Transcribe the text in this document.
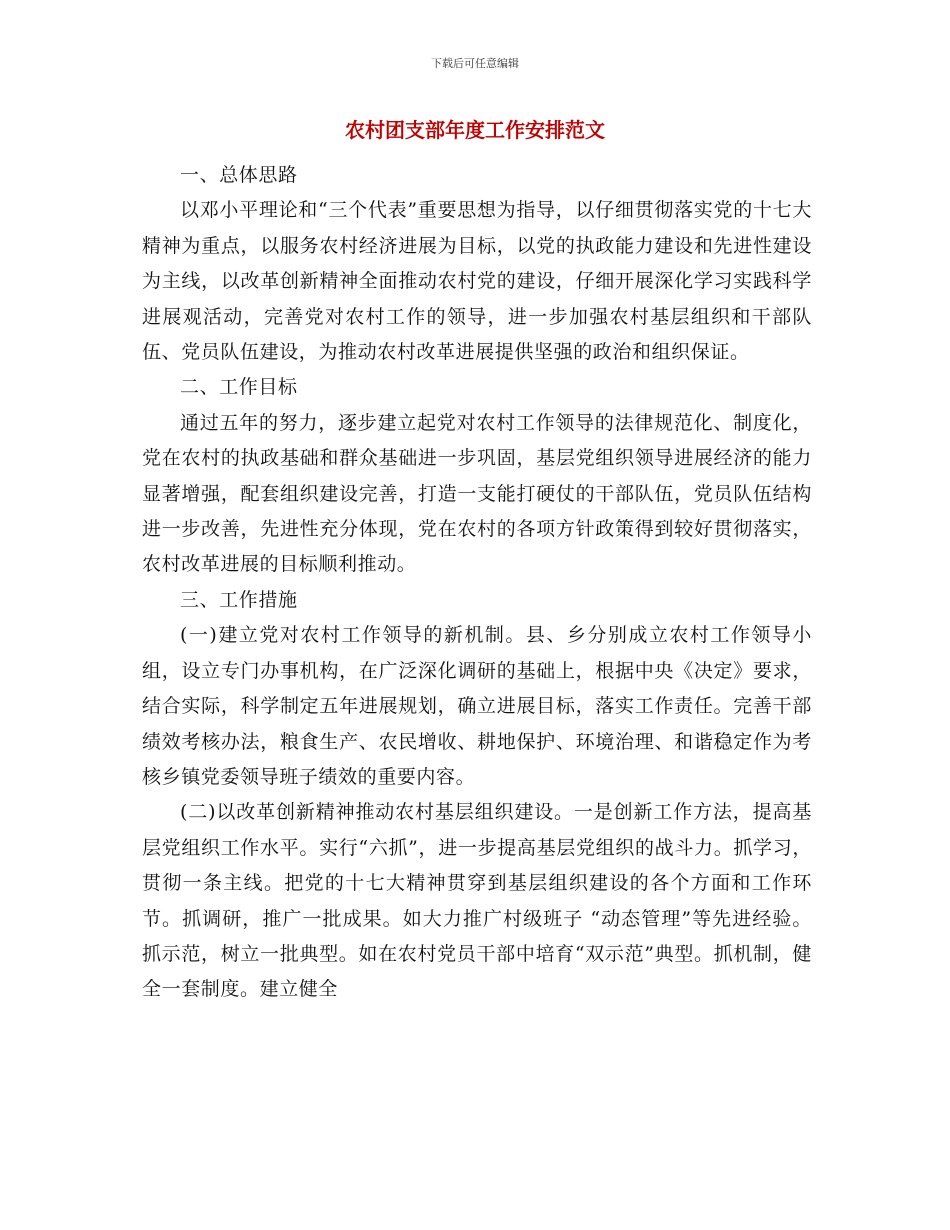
下载后可任意编辑
农村团支部年度工作安排范文

一、总体思路

以邓小平理论和“三个代表”重要思想为指导，以仔细贯彻落实党的十七大精神为重点，以服务农村经济进展为目标，以党的执政能力建设和先进性建设为主线，以改革创新精神全面推动农村党的建设，仔细开展深化学习实践科学进展观活动，完善党对农村工作的领导，进一步加强农村基层组织和干部队伍、党员队伍建设，为推动农村改革进展提供坚强的政治和组织保证。

二、工作目标

通过五年的努力，逐步建立起党对农村工作领导的法律规范化、制度化，党在农村的执政基础和群众基础进一步巩固，基层党组织领导进展经济的能力显著增强，配套组织建设完善，打造一支能打硬仗的干部队伍，党员队伍结构进一步改善，先进性充分体现，党在农村的各项方针政策得到较好贯彻落实，农村改革进展的目标顺利推动。

三、工作措施

(一)建立党对农村工作领导的新机制。县、乡分别成立农村工作领导小组，设立专门办事机构，在广泛深化调研的基础上，根据中央《决定》要求，结合实际，科学制定五年进展规划，确立进展目标，落实工作责任。完善干部绩效考核办法，粮食生产、农民增收、耕地保护、环境治理、和谐稳定作为考核乡镇党委领导班子绩效的重要内容。

(二)以改革创新精神推动农村基层组织建设。一是创新工作方法，提高基层党组织工作水平。实行“六抓”，进一步提高基层党组织的战斗力。抓学习，贯彻一条主线。把党的十七大精神贯穿到基层组织建设的各个方面和工作环节。抓调研，推广一批成果。如大力推广村级班子 “动态管理”等先进经验。抓示范，树立一批典型。如在农村党员干部中培育“双示范”典型。抓机制，健全一套制度。建立健全
